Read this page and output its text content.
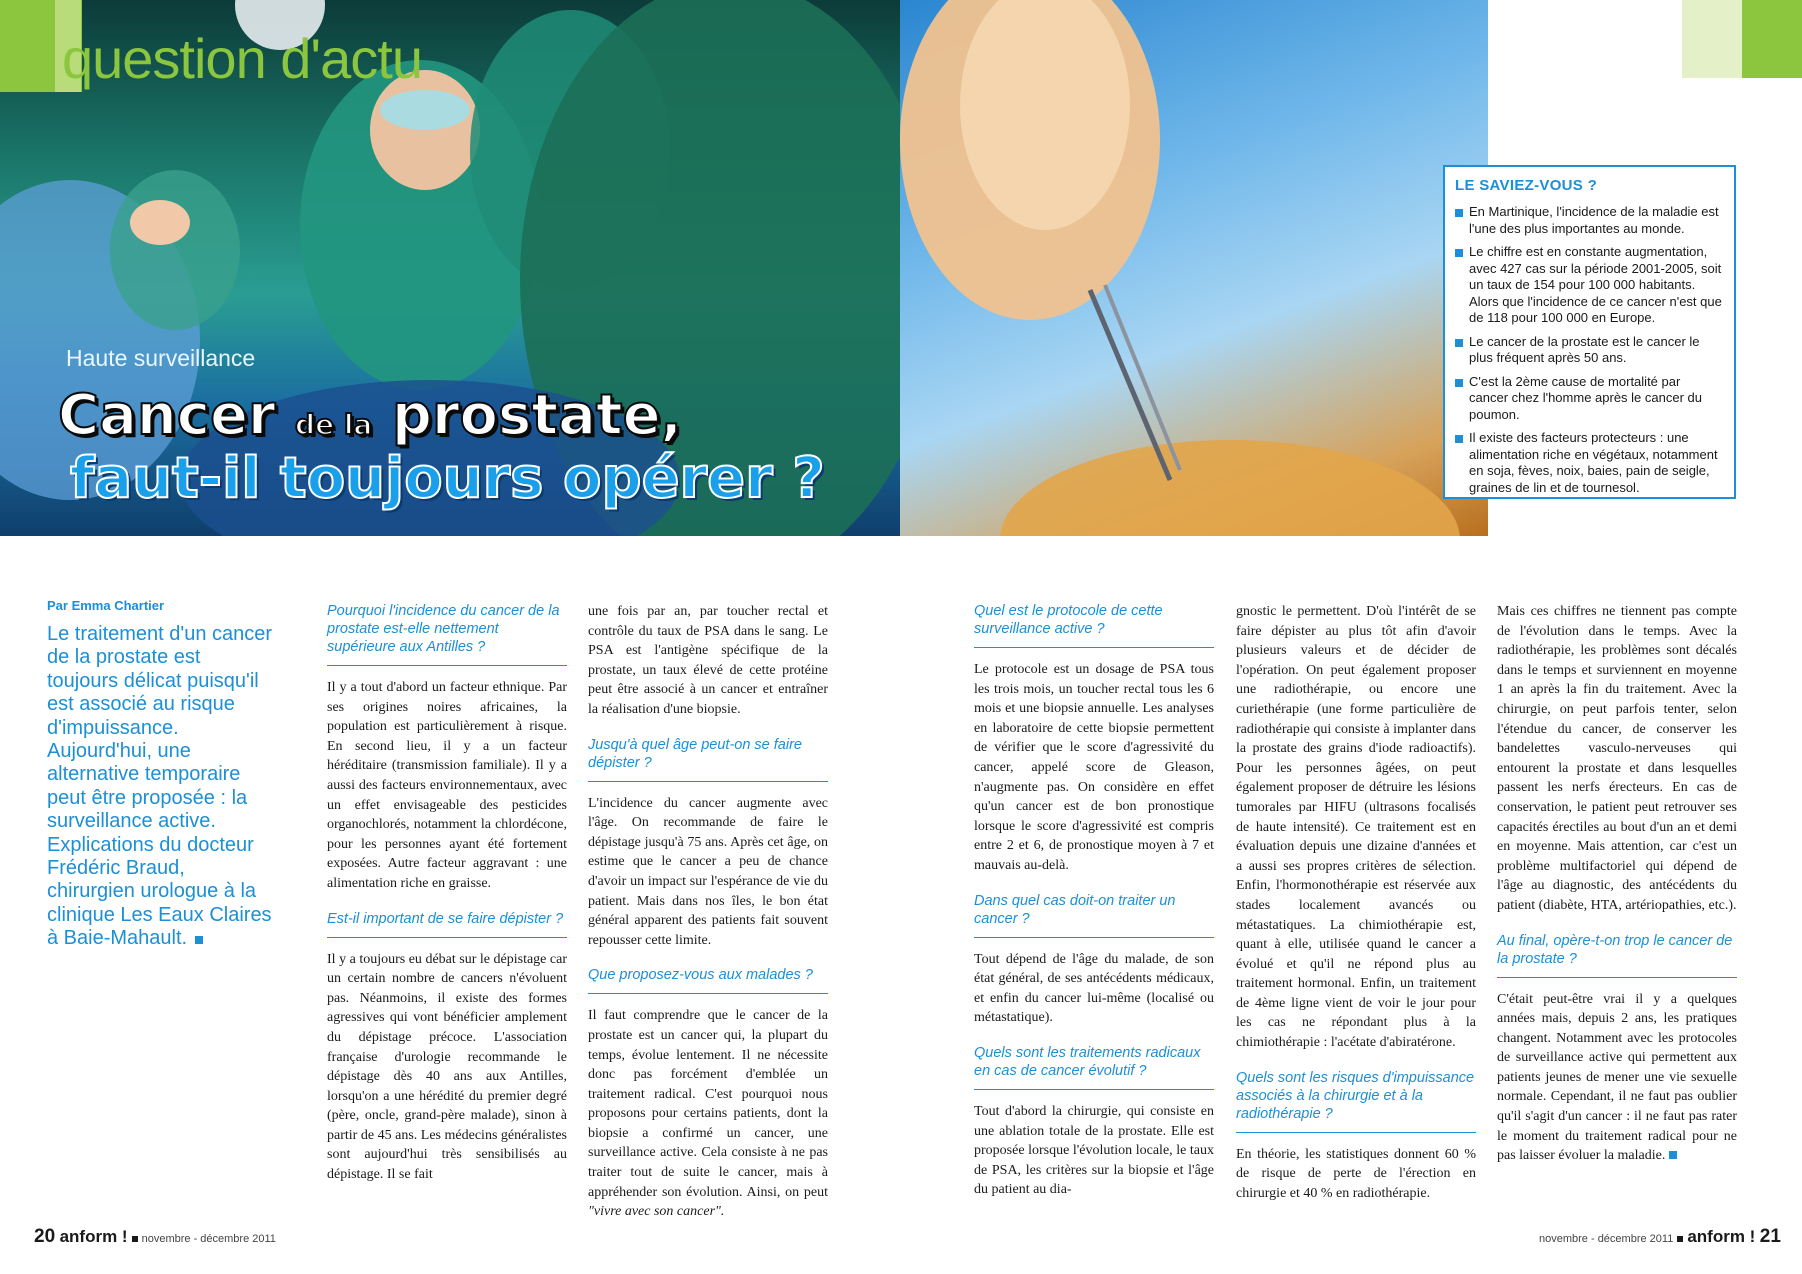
question d'actu
Haute surveillance
Cancer de la prostate,
faut-il toujours opérer ?
LE SAVIEZ-VOUS ?
En Martinique, l'incidence de la maladie est l'une des plus importantes au monde.
Le chiffre est en constante augmentation, avec 427 cas sur la période 2001-2005, soit un taux de 154 pour 100 000 habitants. Alors que l'incidence de ce cancer n'est que de 118 pour 100 000 en Europe.
Le cancer de la prostate est le cancer le plus fréquent après 50 ans.
C'est la 2ème cause de mortalité par cancer chez l'homme après le cancer du poumon.
Il existe des facteurs protecteurs : une alimentation riche en végétaux, notamment en soja, fèves, noix, baies, pain de seigle, graines de lin et de tournesol.
Par Emma Chartier
Le traitement d'un cancer de la prostate est toujours délicat puisqu'il est associé au risque d'impuissance. Aujourd'hui, une alternative temporaire peut être proposée : la surveillance active. Explications du docteur Frédéric Braud, chirurgien urologue à la clinique Les Eaux Claires à Baie-Mahault.
Pourquoi l'incidence du cancer de la prostate est-elle nettement supérieure aux Antilles ?

Il y a tout d'abord un facteur ethnique. Par ses origines noires africaines, la population est particulièrement à risque. En second lieu, il y a un facteur héréditaire (transmission familiale). Il y a aussi des facteurs environnementaux, avec un effet envisageable des pesticides organochlorés, notamment la chlordécone, pour les personnes ayant été fortement exposées. Autre facteur aggravant : une alimentation riche en graisse.

Est-il important de se faire dépister ?

Il y a toujours eu débat sur le dépistage car un certain nombre de cancers n'évoluent pas. Néanmoins, il existe des formes agressives qui vont bénéficier amplement du dépistage précoce. L'association française d'urologie recommande le dépistage dès 40 ans aux Antilles, lorsqu'on a une hérédité du premier degré (père, oncle, grand-père malade), sinon à partir de 45 ans. Les médecins généralistes sont aujourd'hui très sensibilisés au dépistage. Il se fait

une fois par an, par toucher rectal et contrôle du taux de PSA dans le sang. Le PSA est l'antigène spécifique de la prostate, un taux élevé de cette protéine peut être associé à un cancer et entraîner la réalisation d'une biopsie.

Jusqu'à quel âge peut-on se faire dépister ?

L'incidence du cancer augmente avec l'âge. On recommande de faire le dépistage jusqu'à 75 ans. Après cet âge, on estime que le cancer a peu de chance d'avoir un impact sur l'espérance de vie du patient. Mais dans nos îles, le bon état général apparent des patients fait souvent repousser cette limite.

Que proposez-vous aux malades ?

Il faut comprendre que le cancer de la prostate est un cancer qui, la plupart du temps, évolue lentement. Il ne nécessite donc pas forcément d'emblée un traitement radical. C'est pourquoi nous proposons pour certains patients, dont la biopsie a confirmé un cancer, une surveillance active. Cela consiste à ne pas traiter tout de suite le cancer, mais à appréhender son évolution. Ainsi, on peut "vivre avec son cancer".

Quel est le protocole de cette surveillance active ?

Le protocole est un dosage de PSA tous les trois mois, un toucher rectal tous les 6 mois et une biopsie annuelle. Les analyses en laboratoire de cette biopsie permettent de vérifier que le score d'agressivité du cancer, appelé score de Gleason, n'augmente pas. On considère en effet qu'un cancer est de bon pronostique lorsque le score d'agressivité est compris entre 2 et 6, de pronostique moyen à 7 et mauvais au-delà.

Dans quel cas doit-on traiter un cancer ?

Tout dépend de l'âge du malade, de son état général, de ses antécédents médicaux, et enfin du cancer lui-même (localisé ou métastatique).

Quels sont les traitements radicaux en cas de cancer évolutif ?

Tout d'abord la chirurgie, qui consiste en une ablation totale de la prostate. Elle est proposée lorsque l'évolution locale, le taux de PSA, les critères sur la biopsie et l'âge du patient au dia-

gnostic le permettent. D'où l'intérêt de se faire dépister au plus tôt afin d'avoir plusieurs valeurs et de décider de l'opération. On peut également proposer une radiothérapie, ou encore une curiethérapie (une forme particulière de radiothérapie qui consiste à implanter dans la prostate des grains d'iode radioactifs). Pour les personnes âgées, on peut également proposer de détruire les lésions tumorales par HIFU (ultrasons focalisés de haute intensité). Ce traitement est en évaluation depuis une dizaine d'années et a aussi ses propres critères de sélection. Enfin, l'hormonothérapie est réservée aux stades localement avancés ou métastatiques. La chimiothérapie est, quant à elle, utilisée quand le cancer a évolué et qu'il ne répond plus au traitement hormonal. Enfin, un traitement de 4ème ligne vient de voir le jour pour les cas ne répondant plus à la chimiothérapie : l'acétate d'abiratérone.

Quels sont les risques d'impuissance associés à la chirurgie et à la radiothérapie ?

En théorie, les statistiques donnent 60 % de risque de perte de l'érection en chirurgie et 40 % en radiothérapie.

Mais ces chiffres ne tiennent pas compte de l'évolution dans le temps. Avec la radiothérapie, les problèmes sont décalés dans le temps et surviennent en moyenne 1 an après la fin du traitement. Avec la chirurgie, on peut parfois tenter, selon l'étendue du cancer, de conserver les bandelettes vasculo-nerveuses qui entourent la prostate et dans lesquelles passent les nerfs érecteurs. En cas de conservation, le patient peut retrouver ses capacités érectiles au bout d'un an et demi en moyenne. Mais attention, car c'est un problème multifactoriel qui dépend de l'âge au diagnostic, des antécédents du patient (diabète, HTA, artériopathies, etc.).

Au final, opère-t-on trop le cancer de la prostate ?

C'était peut-être vrai il y a quelques années mais, depuis 2 ans, les pratiques changent. Notamment avec les protocoles de surveillance active qui permettent aux patients jeunes de mener une vie sexuelle normale. Cependant, il ne faut pas oublier qu'il s'agit d'un cancer : il ne faut pas rater le moment du traitement radical pour ne pas laisser évoluer la maladie.

20 anform ! novembre - décembre 2011	novembre - décembre 2011 anform ! 21
